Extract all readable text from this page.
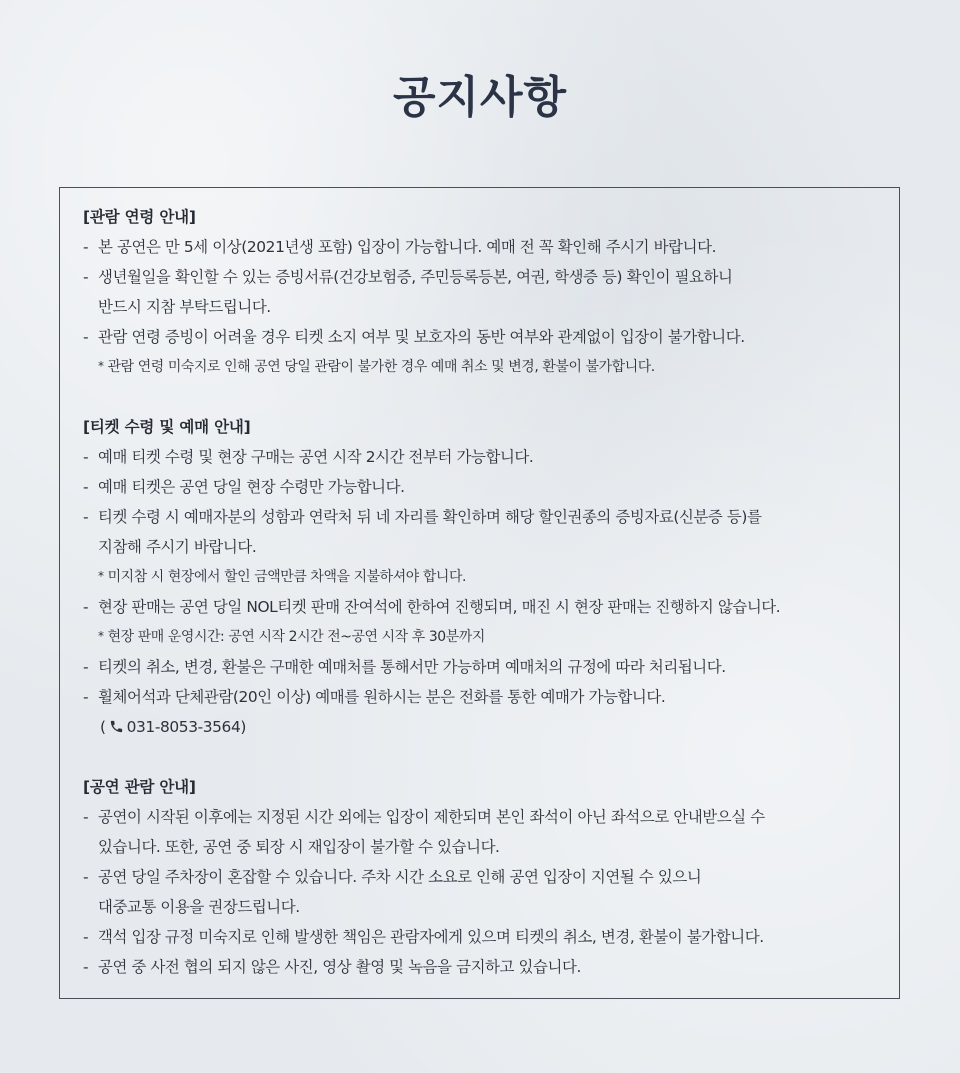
공지사항
[관람 연령 안내]
- 본 공연은 만 5세 이상(2021년생 포함) 입장이 가능합니다. 예매 전 꼭 확인해 주시기 바랍니다.
- 생년월일을 확인할 수 있는 증빙서류(건강보험증, 주민등록등본, 여권, 학생증 등) 확인이 필요하니
반드시 지참 부탁드립니다.
- 관람 연령 증빙이 어려울 경우 티켓 소지 여부 및 보호자의 동반 여부와 관계없이 입장이 불가합니다.
* 관람 연령 미숙지로 인해 공연 당일 관람이 불가한 경우 예매 취소 및 변경, 환불이 불가합니다.
[티켓 수령 및 예매 안내]
- 예매 티켓 수령 및 현장 구매는 공연 시작 2시간 전부터 가능합니다.
- 예매 티켓은 공연 당일 현장 수령만 가능합니다.
- 티켓 수령 시 예매자분의 성함과 연락처 뒤 네 자리를 확인하며 해당 할인권종의 증빙자료(신분증 등)를
지참해 주시기 바랍니다.
* 미지참 시 현장에서 할인 금액만큼 차액을 지불하셔야 합니다.
- 현장 판매는 공연 당일 NOL티켓 판매 잔여석에 한하여 진행되며, 매진 시 현장 판매는 진행하지 않습니다.
* 현장 판매 운영시간: 공연 시작 2시간 전~공연 시작 후 30분까지
- 티켓의 취소, 변경, 환불은 구매한 예매처를 통해서만 가능하며 예매처의 규정에 따라 처리됩니다.
- 휠체어석과 단체관람(20인 이상) 예매를 원하시는 분은 전화를 통한 예매가 가능합니다.
( 031-8053-3564)
[공연 관람 안내]
- 공연이 시작된 이후에는 지정된 시간 외에는 입장이 제한되며 본인 좌석이 아닌 좌석으로 안내받으실 수
있습니다. 또한, 공연 중 퇴장 시 재입장이 불가할 수 있습니다.
- 공연 당일 주차장이 혼잡할 수 있습니다. 주차 시간 소요로 인해 공연 입장이 지연될 수 있으니
대중교통 이용을 권장드립니다.
- 객석 입장 규정 미숙지로 인해 발생한 책임은 관람자에게 있으며 티켓의 취소, 변경, 환불이 불가합니다.
- 공연 중 사전 협의 되지 않은 사진, 영상 촬영 및 녹음을 금지하고 있습니다.
